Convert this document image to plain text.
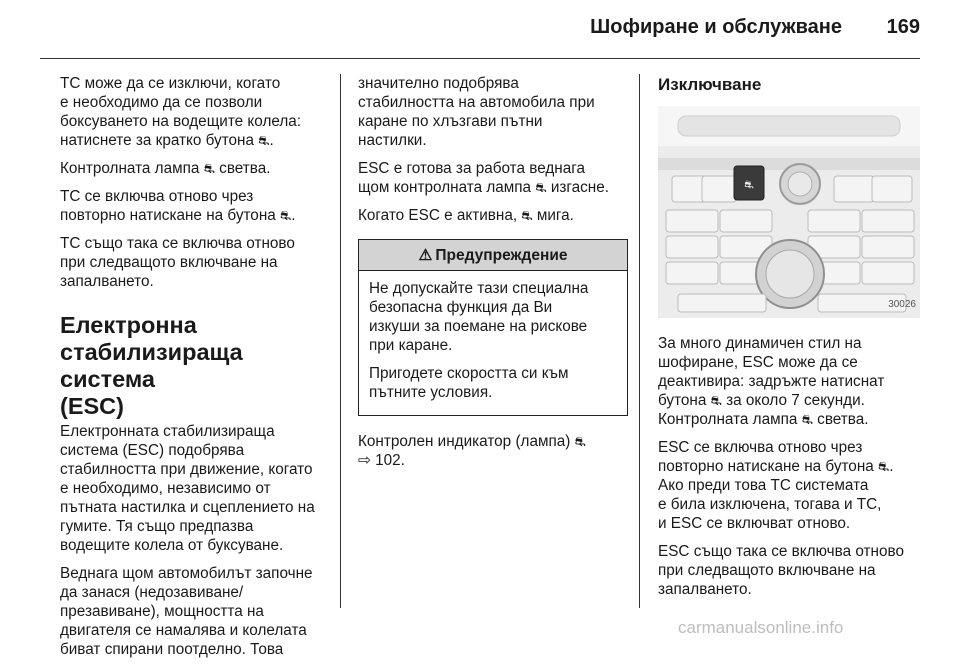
Шофиране и обслужване 169

ТС може да се изключи, когато
е необходимо да се позволи
боксуването на водещите колела:
натиснете за кратко бутона ⛐.

Контролната лампа ⛐ светва.

ТС се включва отново чрез
повторно натискане на бутона ⛐.

ТС също така се включва отново
при следващото включване на
запалването.

Електронна
стабилизираща система
(ESC)

Електронната стабилизираща
система (ESC) подобрява
стабилността при движение, когато
е необходимо, независимо от
пътната настилка и сцеплението на
гумите. Тя също предпазва
водещите колела от буксуване.

Веднага щом автомобилът започне
да занася (недозавиване/
презавиване), мощността на
двигателя се намалява и колелата
биват спирани поотделно. Това

значително подобрява
стабилността на автомобила при
каране по хлъзгави пътни
настилки.

ESC е готова за работа веднага
щом контролната лампа ⛐ изгасне.

Когато ESC е активна, ⛐ мига.

⚠ Предупреждение

Не допускайте тази специална
безопасна функция да Ви
изкуши за поемане на рискове
при каране.

Пригодете скоростта си към
пътните условия.

Контролен индикатор (лампа) ⛐
⇨ 102.

Изключване
⛐
30026

За много динамичен стил на
шофиране, ESC може да се
деактивира: задръжте натиснат
бутона ⛐ за около 7 секунди.
Контролната лампа ⛐ светва.

ESC се включва отново чрез
повторно натискане на бутона ⛐.
Ако преди това TC системата
е била изключена, тогава и ТС,
и ESC се включват отново.

ESC също така се включва отново
при следващото включване на
запалването.

carmanualsonline.info
